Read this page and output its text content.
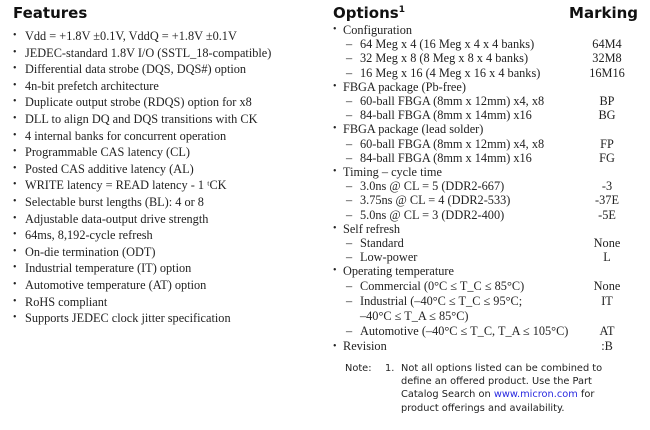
Features
• Vdd = +1.8V ±0.1V, VddQ = +1.8V ±0.1V
• JEDEC-standard 1.8V I/O (SSTL_18-compatible)
• Differential data strobe (DQS, DQS#) option
• 4n-bit prefetch architecture
• Duplicate output strobe (RDQS) option for x8
• DLL to align DQ and DQS transitions with CK
• 4 internal banks for concurrent operation
• Programmable CAS latency (CL)
• Posted CAS additive latency (AL)
• WRITE latency = READ latency - 1 ᵗCK
• Selectable burst lengths (BL): 4 or 8
• Adjustable data-output drive strength
• 64ms, 8,192-cycle refresh
• On-die termination (ODT)
• Industrial temperature (IT) option
• Automotive temperature (AT) option
• RoHS compliant
• Supports JEDEC clock jitter specification
Options$^1$	Marking
• Configuration
– 64 Meg x 4 (16 Meg x 4 x 4 banks)	64M4
– 32 Meg x 8 (8 Meg x 8 x 4 banks)	32M8
– 16 Meg x 16 (4 Meg x 16 x 4 banks)	16M16
• FBGA package (Pb-free)
– 60-ball FBGA (8mm x 12mm) x4, x8	BP
– 84-ball FBGA (8mm x 14mm) x16	BG
• FBGA package (lead solder)
– 60-ball FBGA (8mm x 12mm) x4, x8	FP
– 84-ball FBGA (8mm x 14mm) x16	FG
• Timing – cycle time
– 3.0ns @ CL = 5 (DDR2-667)	-3
– 3.75ns @ CL = 4 (DDR2-533)	-37E
– 5.0ns @ CL = 3 (DDR2-400)	-5E
• Self refresh
– Standard	None
– Low-power	L
• Operating temperature
– Commercial (0°C ≤ T_C ≤ 85°C)	None
– Industrial (–40°C ≤ T_C ≤ 95°C;	IT
–40°C ≤ T_A ≤ 85°C)
– Automotive (–40°C ≤ T_C, T_A ≤ 105°C)	AT
• Revision	:B
Note:	1. Not all options listed can be combined to define an offered product. Use the Part Catalog Search on www.micron.com for product offerings and availability.
